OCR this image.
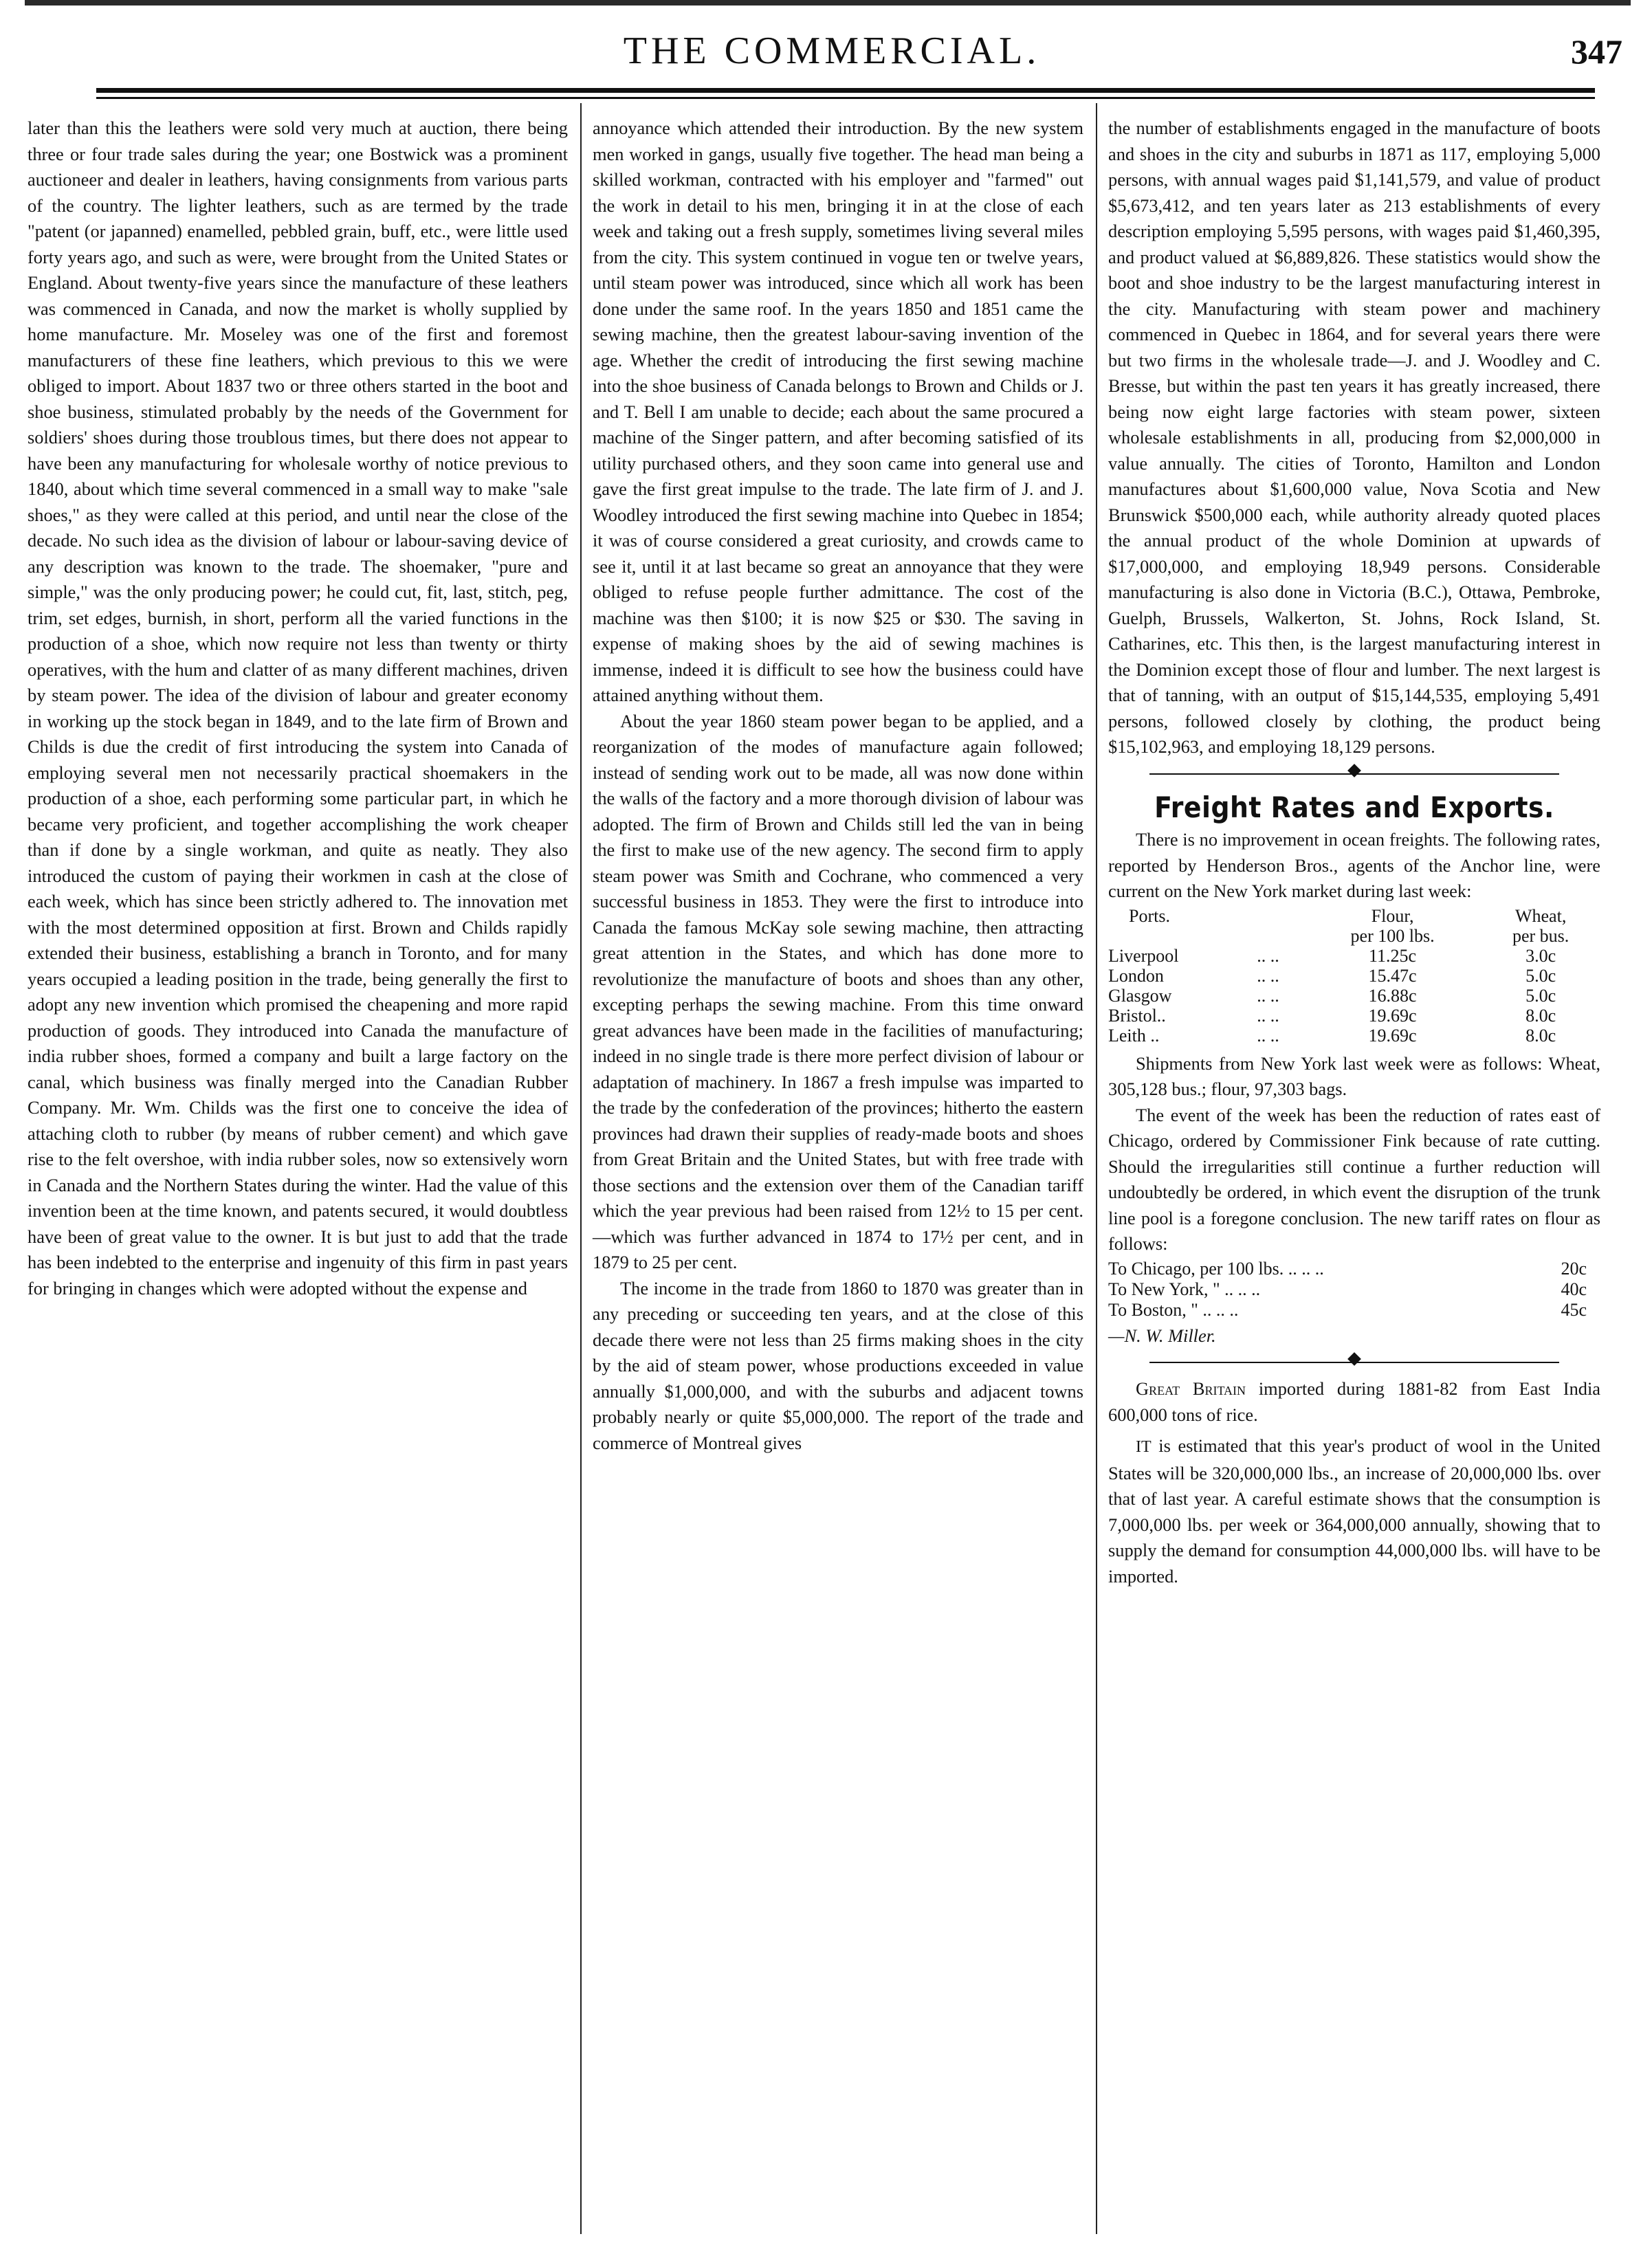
THE COMMERCIAL.	347

later than this the leathers were sold very much at auction, there being three or four trade sales during the year; one Bostwick was a prominent auctioneer and dealer in leathers, having consignments from various parts of the country. The lighter leathers, such as are termed by the trade "patent (or japanned) enamelled, pebbled grain, buff, etc., were little used forty years ago, and such as were, were brought from the United States or England. About twenty-five years since the manufacture of these leathers was commenced in Canada, and now the market is wholly supplied by home manufacture. Mr. Moseley was one of the first and foremost manufacturers of these fine leathers, which previous to this we were obliged to import. About 1837 two or three others started in the boot and shoe business, stimulated probably by the needs of the Government for soldiers' shoes during those troublous times, but there does not appear to have been any manufacturing for wholesale worthy of notice previous to 1840, about which time several commenced in a small way to make "sale shoes," as they were called at this period, and until near the close of the decade. No such idea as the division of labour or labour-saving device of any description was known to the trade. The shoemaker, "pure and simple," was the only producing power; he could cut, fit, last, stitch, peg, trim, set edges, burnish, in short, perform all the varied functions in the production of a shoe, which now require not less than twenty or thirty operatives, with the hum and clatter of as many different machines, driven by steam power. The idea of the division of labour and greater economy in working up the stock began in 1849, and to the late firm of Brown and Childs is due the credit of first introducing the system into Canada of employing several men not necessarily practical shoemakers in the production of a shoe, each performing some particular part, in which he became very proficient, and together accomplishing the work cheaper than if done by a single workman, and quite as neatly. They also introduced the custom of paying their workmen in cash at the close of each week, which has since been strictly adhered to. The innovation met with the most determined opposition at first. Brown and Childs rapidly extended their business, establishing a branch in Toronto, and for many years occupied a leading position in the trade, being generally the first to adopt any new invention which promised the cheapening and more rapid production of goods. They introduced into Canada the manufacture of india rubber shoes, formed a company and built a large factory on the canal, which business was finally merged into the Canadian Rubber Company. Mr. Wm. Childs was the first one to conceive the idea of attaching cloth to rubber (by means of rubber cement) and which gave rise to the felt overshoe, with india rubber soles, now so extensively worn in Canada and the Northern States during the winter. Had the value of this invention been at the time known, and patents secured, it would doubtless have been of great value to the owner. It is but just to add that the trade has been indebted to the enterprise and ingenuity of this firm in past years for bringing in changes which were adopted without the expense and

annoyance which attended their introduction. By the new system men worked in gangs, usually five together. The head man being a skilled workman, contracted with his employer and "farmed" out the work in detail to his men, bringing it in at the close of each week and taking out a fresh supply, sometimes living several miles from the city. This system continued in vogue ten or twelve years, until steam power was introduced, since which all work has been done under the same roof. In the years 1850 and 1851 came the sewing machine, then the greatest labour-saving invention of the age. Whether the credit of introducing the first sewing machine into the shoe business of Canada belongs to Brown and Childs or J. and T. Bell I am unable to decide; each about the same procured a machine of the Singer pattern, and after becoming satisfied of its utility purchased others, and they soon came into general use and gave the first great impulse to the trade. The late firm of J. and J. Woodley introduced the first sewing machine into Quebec in 1854; it was of course considered a great curiosity, and crowds came to see it, until it at last became so great an annoyance that they were obliged to refuse people further admittance. The cost of the machine was then $100; it is now $25 or $30. The saving in expense of making shoes by the aid of sewing machines is immense, indeed it is difficult to see how the business could have attained anything without them.

About the year 1860 steam power began to be applied, and a reorganization of the modes of manufacture again followed; instead of sending work out to be made, all was now done within the walls of the factory and a more thorough division of labour was adopted. The firm of Brown and Childs still led the van in being the first to make use of the new agency. The second firm to apply steam power was Smith and Cochrane, who commenced a very successful business in 1853. They were the first to introduce into Canada the famous McKay sole sewing machine, then attracting great attention in the States, and which has done more to revolutionize the manufacture of boots and shoes than any other, excepting perhaps the sewing machine. From this time onward great advances have been made in the facilities of manufacturing; indeed in no single trade is there more perfect division of labour or adaptation of machinery. In 1867 a fresh impulse was imparted to the trade by the confederation of the provinces; hitherto the eastern provinces had drawn their supplies of ready-made boots and shoes from Great Britain and the United States, but with free trade with those sections and the extension over them of the Canadian tariff which the year previous had been raised from 12½ to 15 per cent.—which was further advanced in 1874 to 17½ per cent, and in 1879 to 25 per cent.

The income in the trade from 1860 to 1870 was greater than in any preceding or succeeding ten years, and at the close of this decade there were not less than 25 firms making shoes in the city by the aid of steam power, whose productions exceeded in value annually $1,000,000, and with the suburbs and adjacent towns probably nearly or quite $5,000,000. The report of the trade and commerce of Montreal gives

the number of establishments engaged in the manufacture of boots and shoes in the city and suburbs in 1871 as 117, employing 5,000 persons, with annual wages paid $1,141,579, and value of product $5,673,412, and ten years later as 213 establishments of every description employing 5,595 persons, with wages paid $1,460,395, and product valued at $6,889,826. These statistics would show the boot and shoe industry to be the largest manufacturing interest in the city. Manufacturing with steam power and machinery commenced in Quebec in 1864, and for several years there were but two firms in the wholesale trade—J. and J. Woodley and C. Bresse, but within the past ten years it has greatly increased, there being now eight large factories with steam power, sixteen wholesale establishments in all, producing from $2,000,000 in value annually. The cities of Toronto, Hamilton and London manufactures about $1,600,000 value, Nova Scotia and New Brunswick $500,000 each, while authority already quoted places the annual product of the whole Dominion at upwards of $17,000,000, and employing 18,949 persons. Considerable manufacturing is also done in Victoria (B.C.), Ottawa, Pembroke, Guelph, Brussels, Walkerton, St. Johns, Rock Island, St. Catharines, etc. This then, is the largest manufacturing interest in the Dominion except those of flour and lumber. The next largest is that of tanning, with an output of $15,144,535, employing 5,491 persons, followed closely by clothing, the product being $15,102,963, and employing 18,129 persons.

Freight Rates and Exports.

There is no improvement in ocean freights. The following rates, reported by Henderson Bros., agents of the Anchor line, were current on the New York market during last week:

Ports.		Flour,	Wheat,
		per 100 lbs.	per bus.
Liverpool	.. ..	11.25c	3.0c
London	.. ..	15.47c	5.0c
Glasgow	.. ..	16.88c	5.0c
Bristol..	.. ..	19.69c	8.0c
Leith ..	.. ..	19.69c	8.0c

Shipments from New York last week were as follows: Wheat, 305,128 bus.; flour, 97,303 bags.

The event of the week has been the reduction of rates east of Chicago, ordered by Commissioner Fink because of rate cutting. Should the irregularities still continue a further reduction will undoubtedly be ordered, in which event the disruption of the trunk line pool is a foregone conclusion. The new tariff rates on flour as follows:

To Chicago, per 100 lbs. .. .. ..	20c
To New York, " .. .. ..	40c
To Boston, " .. .. ..	45c

—N. W. Miller.

Great Britain imported during 1881-82 from East India 600,000 tons of rice.

IT is estimated that this year's product of wool in the United States will be 320,000,000 lbs., an increase of 20,000,000 lbs. over that of last year. A careful estimate shows that the consumption is 7,000,000 lbs. per week or 364,000,000 annually, showing that to supply the demand for consumption 44,000,000 lbs. will have to be imported.
